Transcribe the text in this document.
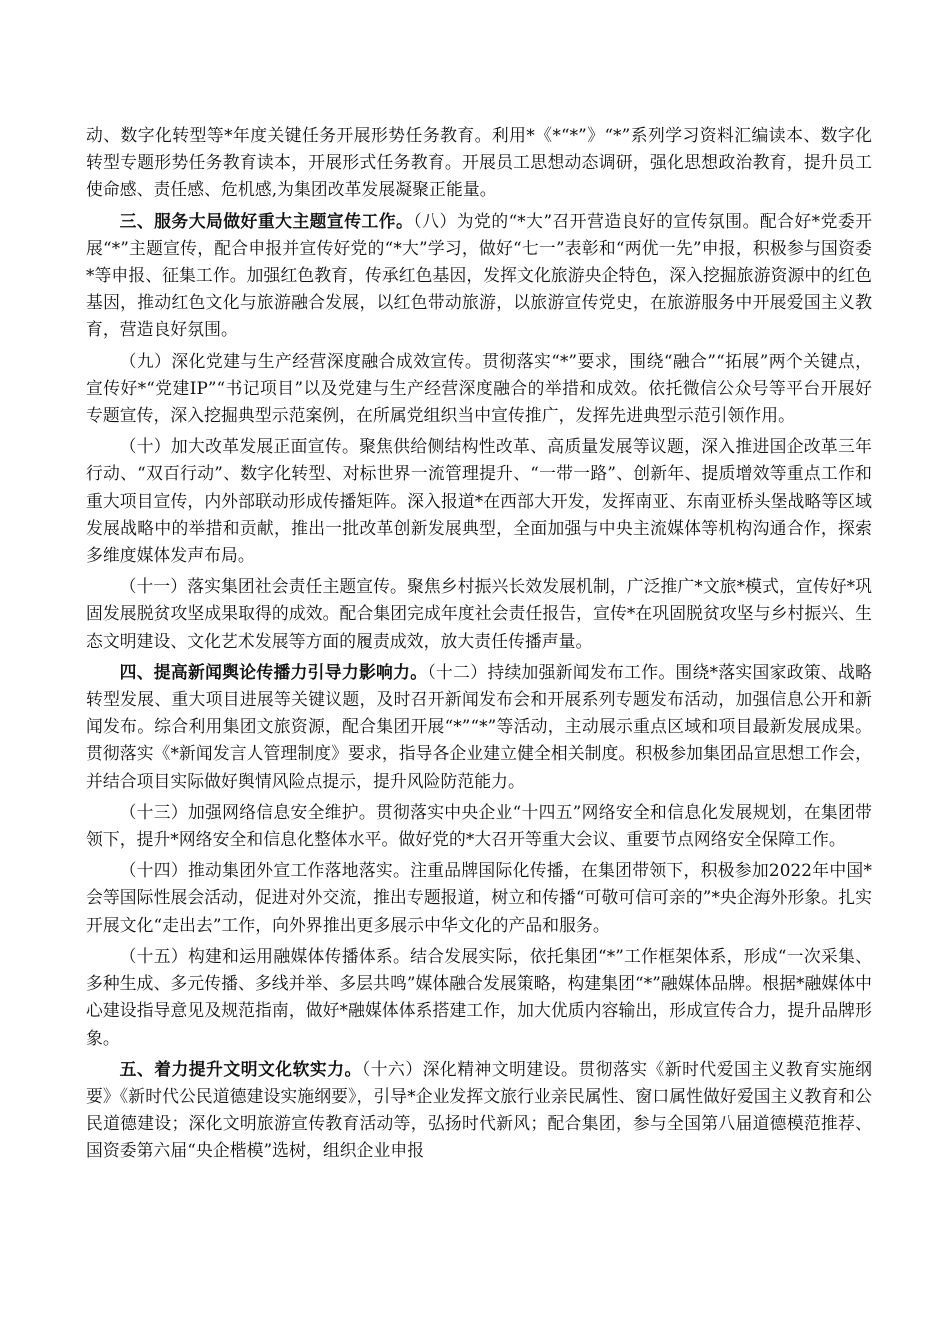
动、数字化转型等*年度关键任务开展形势任务教育。利用*《*“*”》“*”系列学习资料汇编读本、数字化转型专题形势任务教育读本，开展形式任务教育。开展员工思想动态调研，强化思想政治教育，提升员工使命感、责任感、危机感,为集团改革发展凝聚正能量。

三、服务大局做好重大主题宣传工作。（八）为党的“*大”召开营造良好的宣传氛围。配合好*党委开展“*”主题宣传，配合申报并宣传好党的“*大”学习，做好“七一”表彰和“两优一先”申报，积极参与国资委*等申报、征集工作。加强红色教育，传承红色基因，发挥文化旅游央企特色，深入挖掘旅游资源中的红色基因，推动红色文化与旅游融合发展，以红色带动旅游，以旅游宣传党史，在旅游服务中开展爱国主义教育，营造良好氛围。

（九）深化党建与生产经营深度融合成效宣传。贯彻落实“*”要求，围绕“融合”“拓展”两个关键点，宣传好*“党建IP”“书记项目”以及党建与生产经营深度融合的举措和成效。依托微信公众号等平台开展好专题宣传，深入挖掘典型示范案例，在所属党组织当中宣传推广，发挥先进典型示范引领作用。

（十）加大改革发展正面宣传。聚焦供给侧结构性改革、高质量发展等议题，深入推进国企改革三年行动、“双百行动”、数字化转型、对标世界一流管理提升、“一带一路”、创新年、提质增效等重点工作和重大项目宣传，内外部联动形成传播矩阵。深入报道*在西部大开发，发挥南亚、东南亚桥头堡战略等区域发展战略中的举措和贡献，推出一批改革创新发展典型，全面加强与中央主流媒体等机构沟通合作，探索多维度媒体发声布局。

（十一）落实集团社会责任主题宣传。聚焦乡村振兴长效发展机制，广泛推广*文旅*模式，宣传好*巩固发展脱贫攻坚成果取得的成效。配合集团完成年度社会责任报告，宣传*在巩固脱贫攻坚与乡村振兴、生态文明建设、文化艺术发展等方面的履责成效，放大责任传播声量。

四、提高新闻舆论传播力引导力影响力。（十二）持续加强新闻发布工作。围绕*落实国家政策、战略转型发展、重大项目进展等关键议题，及时召开新闻发布会和开展系列专题发布活动，加强信息公开和新闻发布。综合利用集团文旅资源，配合集团开展“*”“*”等活动，主动展示重点区域和项目最新发展成果。贯彻落实《*新闻发言人管理制度》要求，指导各企业建立健全相关制度。积极参加集团品宣思想工作会，并结合项目实际做好舆情风险点提示，提升风险防范能力。

（十三）加强网络信息安全维护。贯彻落实中央企业“十四五”网络安全和信息化发展规划，在集团带领下，提升*网络安全和信息化整体水平。做好党的*大召开等重大会议、重要节点网络安全保障工作。

（十四）推动集团外宣工作落地落实。注重品牌国际化传播，在集团带领下，积极参加2022年中国*会等国际性展会活动，促进对外交流，推出专题报道，树立和传播“可敬可信可亲的”*央企海外形象。扎实开展文化“走出去”工作，向外界推出更多展示中华文化的产品和服务。

（十五）构建和运用融媒体传播体系。结合发展实际，依托集团“*”工作框架体系，形成“一次采集、多种生成、多元传播、多线并举、多层共鸣”媒体融合发展策略，构建集团“*”融媒体品牌。根据*融媒体中心建设指导意见及规范指南，做好*融媒体体系搭建工作，加大优质内容输出，形成宣传合力，提升品牌形象。

五、着力提升文明文化软实力。（十六）深化精神文明建设。贯彻落实《新时代爱国主义教育实施纲要》《新时代公民道德建设实施纲要》，引导*企业发挥文旅行业亲民属性、窗口属性做好爱国主义教育和公民道德建设；深化文明旅游宣传教育活动等，弘扬时代新风；配合集团，参与全国第八届道德模范推荐、国资委第六届“央企楷模”选树，组织企业申报
